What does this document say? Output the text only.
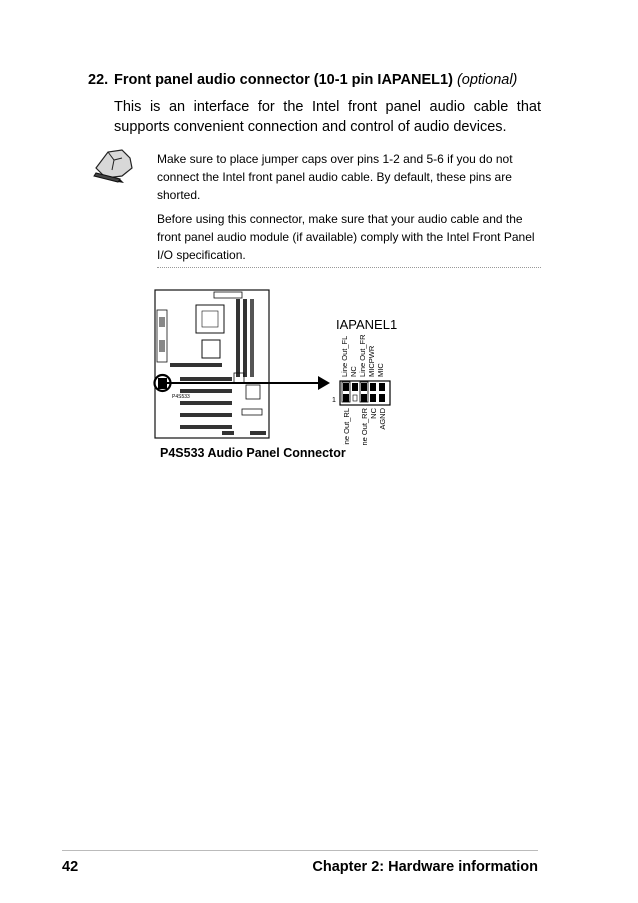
22. Front panel audio connector (10-1 pin IAPANEL1) (optional)
This is an interface for the Intel front panel audio cable that supports convenient connection and control of audio devices.

Make sure to place jumper caps over pins 1-2 and 5-6 if you do not connect the Intel front panel audio cable. By default, these pins are shorted.

Before using this connector, make sure that your audio cable and the front panel audio module (if available) comply with the Intel Front Panel I/O specification.

P4S533
IAPANEL1
Line Out_FL NC Line Out_FR MICPWR MIC
1
Line Out_RL Line Out_RR NC AGND
P4S533 Audio Panel Connector
42	Chapter 2: Hardware information
